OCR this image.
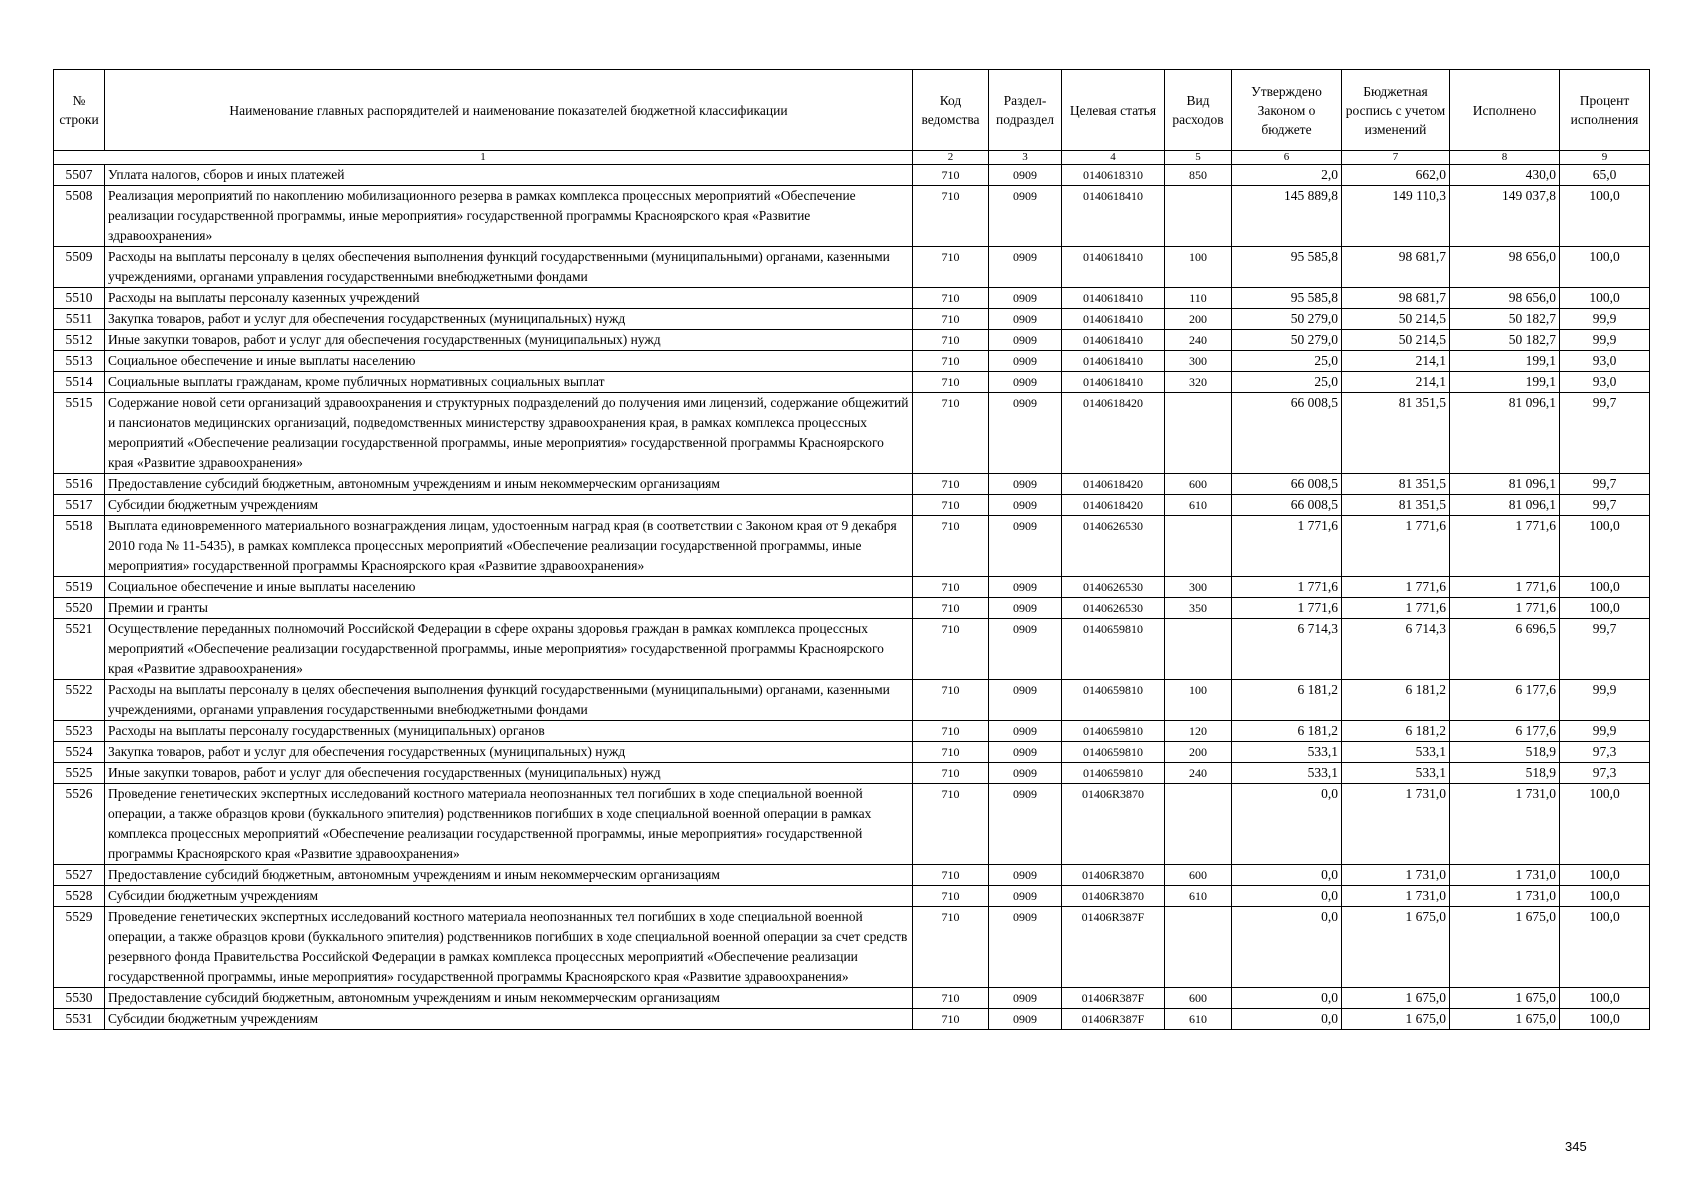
№ строки	Наименование главных распорядителей и наименование показателей бюджетной классификации	Код ведомства	Раздел-подраздел	Целевая статья	Вид расходов	Утверждено Законом о бюджете	Бюджетная роспись с учетом изменений	Исполнено	Процент исполнения
1		2	3	4	5	6	7	8	9
5507	Уплата налогов, сборов и иных платежей	710	0909	0140618310	850	2,0	662,0	430,0	65,0
5508	Реализация мероприятий по накоплению мобилизационного резерва в рамках комплекса процессных мероприятий «Обеспечение реализации государственной программы, иные мероприятия» государственной программы Красноярского края «Развитие здравоохранения»	710	0909	0140618410		145 889,8	149 110,3	149 037,8	100,0
5509	Расходы на выплаты персоналу в целях обеспечения выполнения функций государственными (муниципальными) органами, казенными учреждениями, органами управления государственными внебюджетными фондами	710	0909	0140618410	100	95 585,8	98 681,7	98 656,0	100,0
5510	Расходы на выплаты персоналу казенных учреждений	710	0909	0140618410	110	95 585,8	98 681,7	98 656,0	100,0
5511	Закупка товаров, работ и услуг для обеспечения государственных (муниципальных) нужд	710	0909	0140618410	200	50 279,0	50 214,5	50 182,7	99,9
5512	Иные закупки товаров, работ и услуг для обеспечения государственных (муниципальных) нужд	710	0909	0140618410	240	50 279,0	50 214,5	50 182,7	99,9
5513	Социальное обеспечение и иные выплаты населению	710	0909	0140618410	300	25,0	214,1	199,1	93,0
5514	Социальные выплаты гражданам, кроме публичных нормативных социальных выплат	710	0909	0140618410	320	25,0	214,1	199,1	93,0
5515	Содержание новой сети организаций здравоохранения и структурных подразделений до получения ими лицензий, содержание общежитий и пансионатов медицинских организаций, подведомственных министерству здравоохранения края, в рамках комплекса процессных мероприятий «Обеспечение реализации государственной программы, иные мероприятия» государственной программы Красноярского края «Развитие здравоохранения»	710	0909	0140618420		66 008,5	81 351,5	81 096,1	99,7
5516	Предоставление субсидий бюджетным, автономным учреждениям и иным некоммерческим организациям	710	0909	0140618420	600	66 008,5	81 351,5	81 096,1	99,7
5517	Субсидии бюджетным учреждениям	710	0909	0140618420	610	66 008,5	81 351,5	81 096,1	99,7
5518	Выплата единовременного материального вознаграждения лицам, удостоенным наград края (в соответствии с Законом края от 9 декабря 2010 года № 11-5435), в рамках комплекса процессных мероприятий «Обеспечение реализации государственной программы, иные мероприятия» государственной программы Красноярского края «Развитие здравоохранения»	710	0909	0140626530		1 771,6	1 771,6	1 771,6	100,0
5519	Социальное обеспечение и иные выплаты населению	710	0909	0140626530	300	1 771,6	1 771,6	1 771,6	100,0
5520	Премии и гранты	710	0909	0140626530	350	1 771,6	1 771,6	1 771,6	100,0
5521	Осуществление переданных полномочий Российской Федерации в сфере охраны здоровья граждан в рамках комплекса процессных мероприятий «Обеспечение реализации государственной программы, иные мероприятия» государственной программы Красноярского края «Развитие здравоохранения»	710	0909	0140659810		6 714,3	6 714,3	6 696,5	99,7
5522	Расходы на выплаты персоналу в целях обеспечения выполнения функций государственными (муниципальными) органами, казенными учреждениями, органами управления государственными внебюджетными фондами	710	0909	0140659810	100	6 181,2	6 181,2	6 177,6	99,9
5523	Расходы на выплаты персоналу государственных (муниципальных) органов	710	0909	0140659810	120	6 181,2	6 181,2	6 177,6	99,9
5524	Закупка товаров, работ и услуг для обеспечения государственных (муниципальных) нужд	710	0909	0140659810	200	533,1	533,1	518,9	97,3
5525	Иные закупки товаров, работ и услуг для обеспечения государственных (муниципальных) нужд	710	0909	0140659810	240	533,1	533,1	518,9	97,3
5526	Проведение генетических экспертных исследований костного материала неопознанных тел погибших в ходе специальной военной операции, а также образцов крови (буккального эпителия) родственников погибших в ходе специальной военной операции в рамках комплекса процессных мероприятий «Обеспечение реализации государственной программы, иные мероприятия» государственной программы Красноярского края «Развитие здравоохранения»	710	0909	01406R3870		0,0	1 731,0	1 731,0	100,0
5527	Предоставление субсидий бюджетным, автономным учреждениям и иным некоммерческим организациям	710	0909	01406R3870	600	0,0	1 731,0	1 731,0	100,0
5528	Субсидии бюджетным учреждениям	710	0909	01406R3870	610	0,0	1 731,0	1 731,0	100,0
5529	Проведение генетических экспертных исследований костного материала неопознанных тел погибших в ходе специальной военной операции, а также образцов крови (буккального эпителия) родственников погибших в ходе специальной военной операции за счет средств резервного фонда Правительства Российской Федерации в рамках комплекса процессных мероприятий «Обеспечение реализации государственной программы, иные мероприятия» государственной программы Красноярского края «Развитие здравоохранения»	710	0909	01406R387F		0,0	1 675,0	1 675,0	100,0
5530	Предоставление субсидий бюджетным, автономным учреждениям и иным некоммерческим организациям	710	0909	01406R387F	600	0,0	1 675,0	1 675,0	100,0
5531	Субсидии бюджетным учреждениям	710	0909	01406R387F	610	0,0	1 675,0	1 675,0	100,0
345
